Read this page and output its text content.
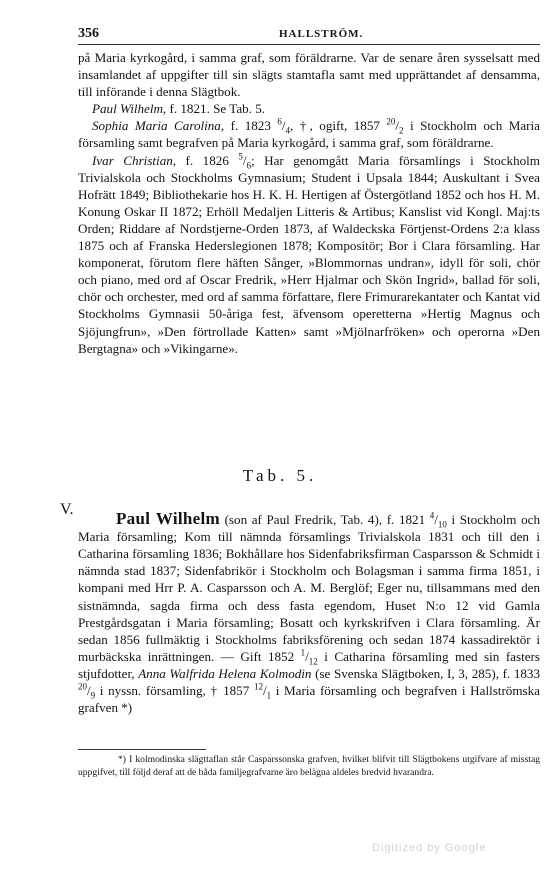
356	HALLSTRÖM.

på Maria kyrkogård, i samma graf, som föräldrarne. Var de senare åren sysselsatt med insamlandet af uppgifter till sin slägts stamtafla samt med upprättandet af densamma, till införande i denna Slägtbok.

Paul Wilhelm, f. 1821. Se Tab. 5.

Sophia Maria Carolina, f. 1823 $^6/_4$, †, ogift, 1857 $^{20}/_2$ i Stockholm och Maria församling samt begrafven på Maria kyrkogård, i samma graf, som föräldrarne.

Ivar Christian, f. 1826 $^5/_6$; Har genomgått Maria församlings i Stockholm Trivialskola och Stockholms Gymnasium; Student i Upsala 1844; Auskultant i Svea Hofrätt 1849; Bibliothekarie hos H. K. H. Hertigen af Östergötland 1852 och hos H. M. Konung Oskar II 1872; Erhöll Medaljen Litteris & Artibus; Kanslist vid Kongl. Maj:ts Orden; Riddare af Nordstjerne-Orden 1873, af Waldeckska Förtjenst-Ordens 2:a klass 1875 och af Franska Hederslegionen 1878; Kompositör; Bor i Clara församling. Har komponerat, förutom flere häften Sånger, »Blommornas undran», idyll för soli, chör och piano, med ord af Oscar Fredrik, »Herr Hjalmar och Skön Ingrid», ballad för soli, chör och orchester, med ord af samma författare, flere Frimurarekantater och Kantat vid Stockholms Gymnasii 50-åriga fest, äfvensom operetterna »Hertig Magnus och Sjöjungfrun», »Den förtrollade Katten» samt »Mjölnarfröken» och operorna »Den Bergtagna» och »Vikingarne».

Tab. 5.
V.	Paul Wilhelm (son af Paul Fredrik, Tab. 4), f. 1821 $^4/_{10}$ i Stockholm och Maria församling; Kom till nämnda församlings Trivialskola 1831 och till den i Catharina församling 1836; Bokhållare hos Sidenfabriksfirman Casparsson & Schmidt i nämnda stad 1837; Sidenfabrikör i Stockholm och Bolagsman i samma firma 1851, i kompani med Hrr P. A. Casparsson och A. M. Berglöf; Eger nu, tillsammans med den sistnämnda, sagda firma och dess fasta egendom, Huset N:o 12 vid Gamla Prestgårdsgatan i Maria församling; Bosatt och kyrkskrifven i Clara församling. Är sedan 1856 fullmäktig i Stockholms fabriksförening och sedan 1874 kassadirektör i murbäckska inrättningen. — Gift 1852 $^1/_{12}$ i Catharina församling med sin fasters stjufdotter, Anna Walfrida Helena Kolmodin (se Svenska Slägtboken, I, 3, 285), f. 1833 $^{20}/_9$ i nyssn. församling, † 1857 $^{12}/_1$ i Maria församling och begrafven i Hallströmska grafven *)

*) I kolmodinska slägttaflan står Casparssonska grafven, hvilket blifvit till Slägtbokens utgifvare af misstag uppgifvet, till följd deraf att de båda familjegrafvarne äro belägna aldeles bredvid hvarandra.

Digitized by Google
